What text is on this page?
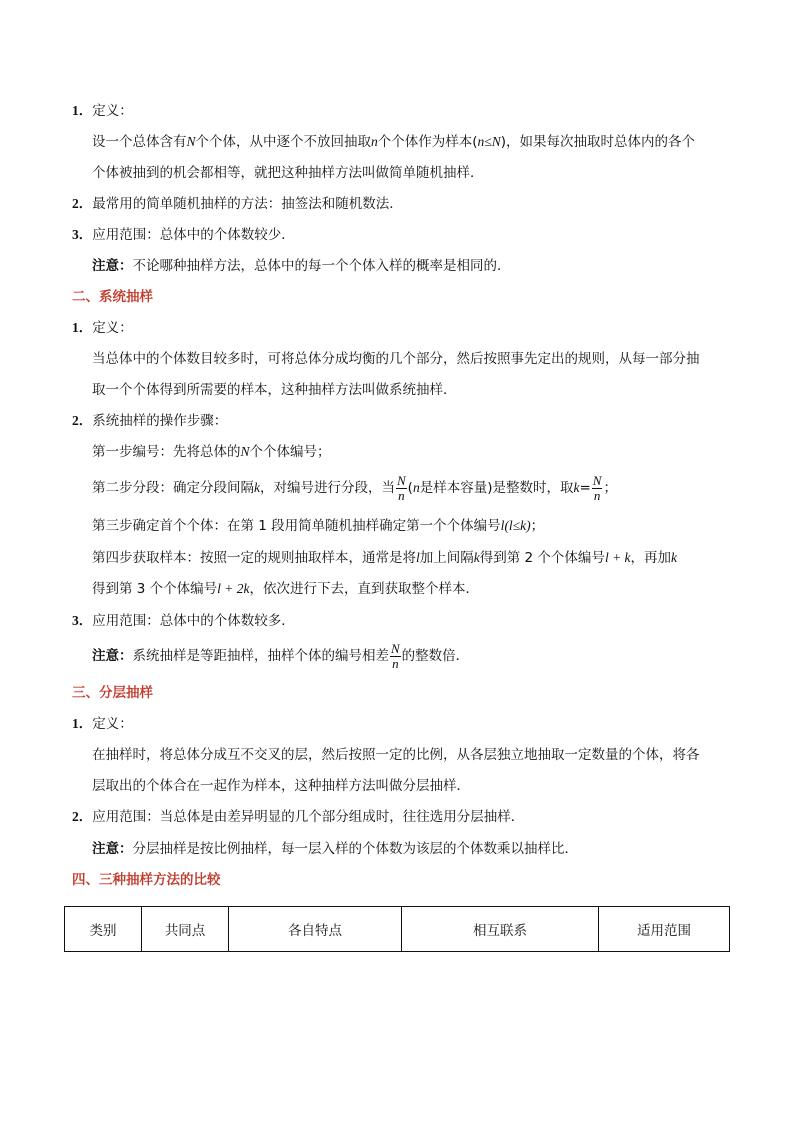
1．定义：
设一个总体含有N个个体，从中逐个不放回抽取n个个体作为样本(n≤N)，如果每次抽取时总体内的各个
个体被抽到的机会都相等，就把这种抽样方法叫做简单随机抽样．
2．最常用的简单随机抽样的方法：抽签法和随机数法．
3．应用范围：总体中的个体数较少．
注意：不论哪种抽样方法，总体中的每一个个体入样的概率是相同的．
二、系统抽样
1．定义：
当总体中的个体数目较多时，可将总体分成均衡的几个部分，然后按照事先定出的规则，从每一部分抽
取一个个体得到所需要的样本，这种抽样方法叫做系统抽样．
2．系统抽样的操作步骤：
第一步编号：先将总体的N个个体编号；
第二步分段：确定分段间隔k，对编号进行分段，当 $\frac{N}{n} (n$是样本容量)是整数时，取$k= \frac{N}{n}$ ；
第三步确定首个个体：在第 1 段用简单随机抽样确定第一个个体编号l(l≤k)；
第四步获取样本：按照一定的规则抽取样本，通常是将l加上间隔k得到第 2 个个体编号l + k，再加k
得到第 3 个个体编号l + 2k，依次进行下去，直到获取整个样本．
3．应用范围：总体中的个体数较多．
注意：系统抽样是等距抽样，抽样个体的编号相差 $\frac{N}{n}$ 的整数倍．
三、分层抽样
1．定义：
在抽样时，将总体分成互不交叉的层，然后按照一定的比例，从各层独立地抽取一定数量的个体，将各
层取出的个体合在一起作为样本，这种抽样方法叫做分层抽样．
2．应用范围：当总体是由差异明显的几个部分组成时，往往选用分层抽样．
注意：分层抽样是按比例抽样，每一层入样的个体数为该层的个体数乘以抽样比．
四、三种抽样方法的比较
类别	共同点	各自特点	相互联系	适用范围
